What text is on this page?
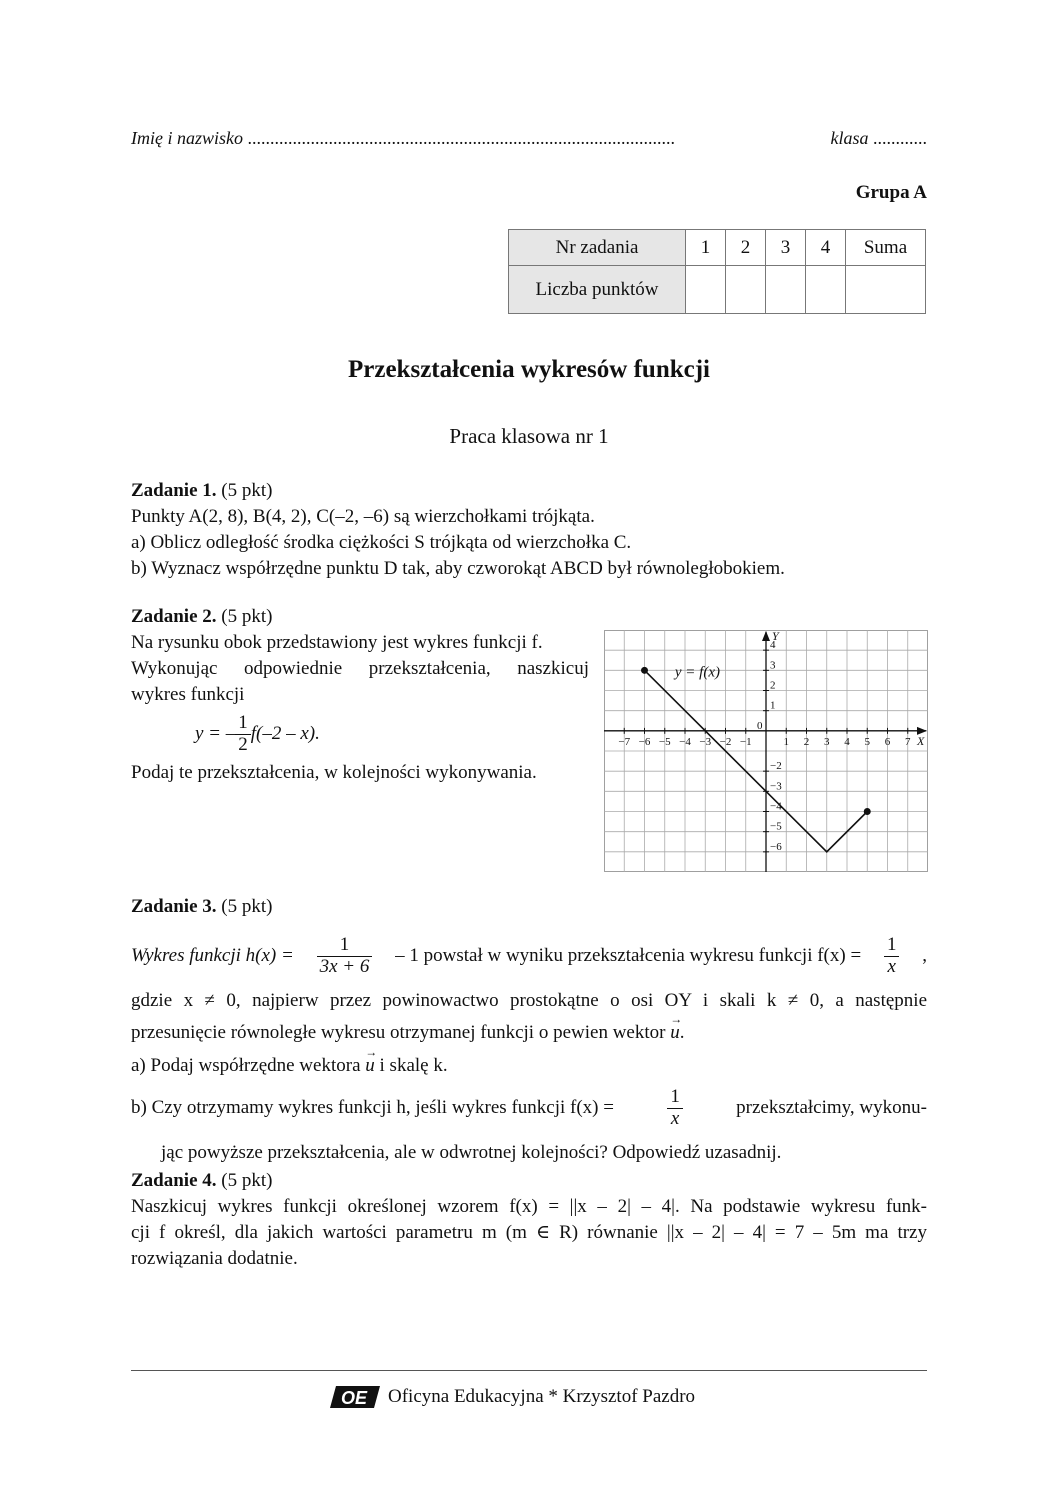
Imię i nazwisko ...............................................................................................	klasa ............
Grupa A
Nr zadania	1	2	3	4	Suma
Liczba punktów					
Przekształcenia wykresów funkcji
Praca klasowa nr 1
Zadanie 1. (5 pkt)
Punkty A(2, 8), B(4, 2), C(–2, –6) są wierzchołkami trójkąta.
a) Oblicz odległość środka ciężkości S trójkąta od wierzchołka C.
b) Wyznacz współrzędne punktu D tak, aby czworokąt ABCD był równoległobokiem.
Zadanie 2. (5 pkt)
Na rysunku obok przedstawiony jest wykres funkcji f.
Wykonując odpowiednie przekształcenia, naszkicuj
wykres funkcji
y = – $\frac{1}{2} f(-2 - x)$.
Podaj te przekształcenia, w kolejności wykonywania.
−7 −6 −5 −4 −3 −2 −1	1 2 3 4 5 6 7
4
3
2
1
−2
−3
−4
−5
−6
0
X
Y
y = f(x)
Zadanie 3. (5 pkt)
Wykres funkcji $h(x) = \frac{1}{3x + 6} - 1$ powstał w wyniku przekształcenia wykresu funkcji $f(x) = \frac{1}{x}$ ,
gdzie x ≠ 0, najpierw przez powinowactwo prostokątne o osi OY i skali k ≠ 0, a następnie
przesunięcie równoległe wykresu otrzymanej funkcji o pewien wektor → u.
a) Podaj współrzędne wektora → u i skalę k.
b) Czy otrzymamy wykres funkcji h, jeśli wykres funkcji f(x) =	$\frac{1}{x}$	przekształcimy, wykonu-
jąc powyższe przekształcenia, ale w odwrotnej kolejności? Odpowiedź uzasadnij.
Zadanie 4. (5 pkt)
Naszkicuj wykres funkcji określonej wzorem f(x) = ||x – 2| – 4|. Na podstawie wykresu funk-
cji f określ, dla jakich wartości parametru m (m ∈ R) równanie ||x – 2| – 4| = 7 – 5m ma trzy
rozwiązania dodatnie.
OE Oficyna Edukacyjna * Krzysztof Pazdro
